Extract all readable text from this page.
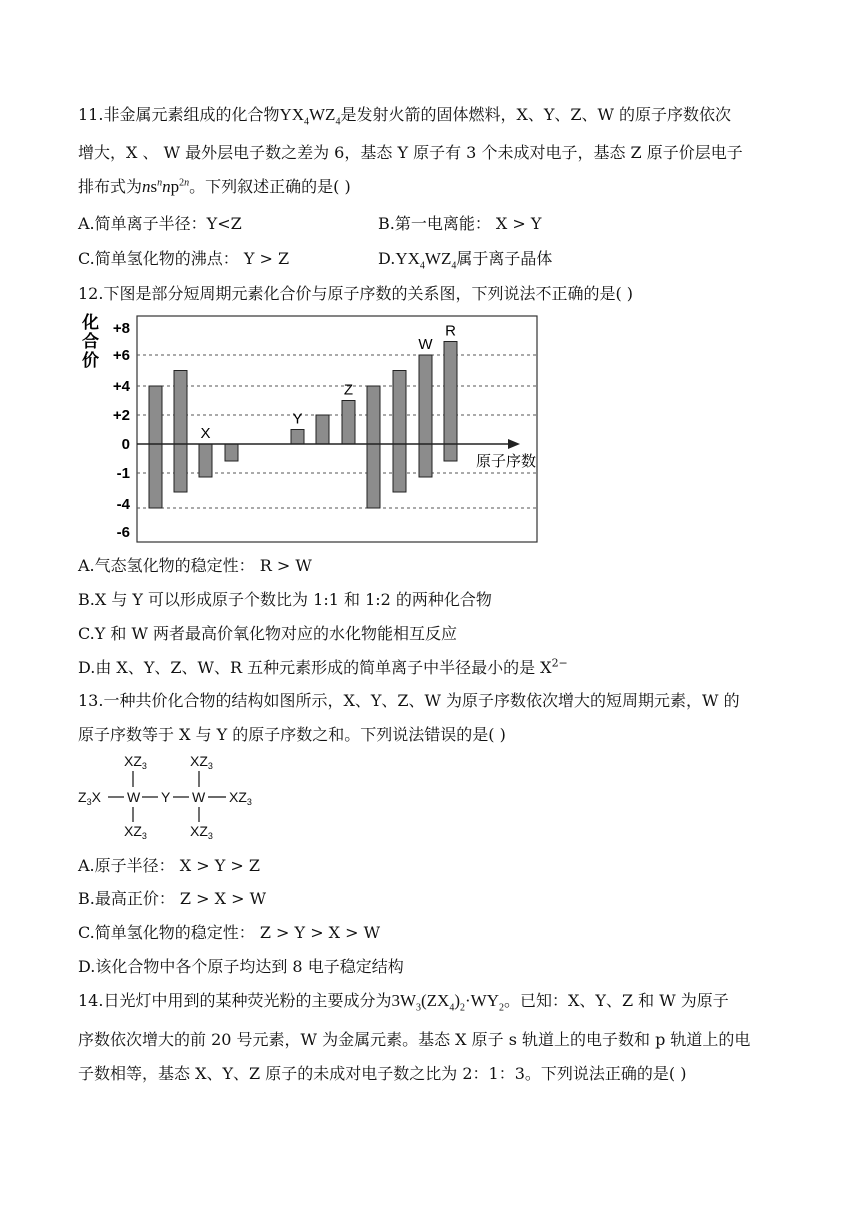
11.非金属元素组成的化合物$YX_4WZ_4$是发射火箭的固体燃料，X、Y、Z、W 的原子序数依次
增大，X 、 W 最外层电子数之差为 6，基态 Y 原子有 3 个未成对电子，基态 Z 原子价层电子
排布式为$ns^nnp^{2n}$。下列叙述正确的是( )
A.简单离子半径：Y<Z	B.第一电离能： X > Y
C.简单氢化物的沸点： Y > Z	$D.YX_4WZ_4$属于离子晶体
12.下图是部分短周期元素化合价与原子序数的关系图，下列说法不正确的是( )
+8
+6
+4
+2
0
-1
-4
-6
X
Y
Z
W
R
原子序数
化合价
A.气态氢化物的稳定性： R > W
B.X 与 Y 可以形成原子个数比为 1:1 和 1:2 的两种化合物
C.Y 和 W 两者最高价氧化物对应的水化物能相互反应
D.由 X、Y、Z、W、R 五种元素形成的简单离子中半径最小的是 $X^{2-}$
13.一种共价化合物的结构如图所示，X、Y、Z、W 为原子序数依次增大的短周期元素，W 的
原子序数等于 X 与 Y 的原子序数之和。下列说法错误的是( )
$XZ_3$	$XZ_3$
$Z_3X$ W Y W $XZ_3$
$XZ_3$	$XZ_3$
A.原子半径： X > Y > Z
B.最高正价： Z > X > W
C.简单氢化物的稳定性： Z > Y > X > W
D.该化合物中各个原子均达到 8 电子稳定结构
14.日光灯中用到的某种荧光粉的主要成分为$3W_3(ZX_4)_2\cdot WY_2$。已知：X、Y、Z 和 W 为原子
序数依次增大的前 20 号元素，W 为金属元素。基态 X 原子 s 轨道上的电子数和 p 轨道上的电
子数相等，基态 X、Y、Z 原子的未成对电子数之比为 2：1：3。下列说法正确的是( )
